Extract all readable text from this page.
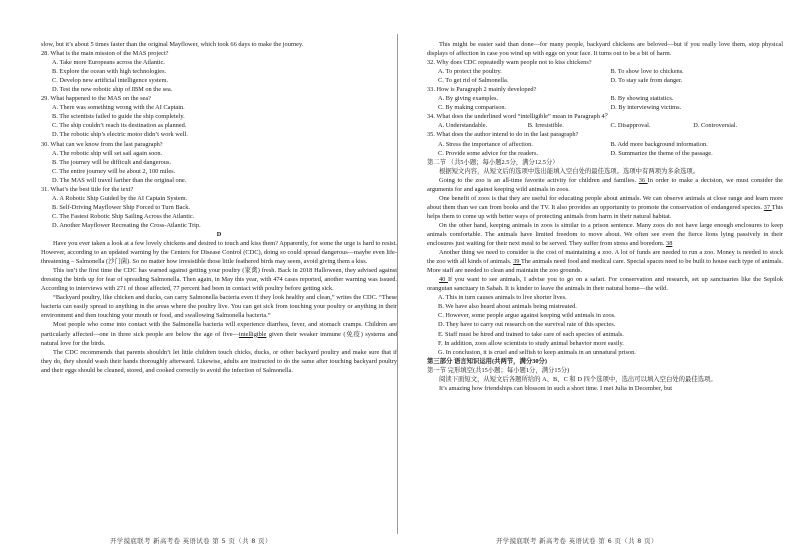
slow, but it’s about 5 times faster than the original Mayflower, which took 66 days to make the journey.

28. What is the main mission of the MAS project?

A. Take more Europeans across the Atlantic.

B. Explore the ocean with high technologies.

C. Develop new artificial intelligence system.

D. Test the new robotic ship of IBM on the sea.

29. What happened to the MAS on the sea?

A. There was something wrong with the AI Captain.

B. The scientists failed to guide the ship completely.

C. The ship couldn’t reach its destination as planned.

D. The robotic ship’s electric motor didn’t work well.

30. What can we know from the last paragraph?

A. The robotic ship will set sail again soon.

B. The journey will be difficult and dangerous.

C. The entire journey will be about 2, 100 miles.

D. The MAS will travel farther than the original one.

31. What’s the best title for the text?

A. A Robotic Ship Guided by the AI Captain System.

B. Self-Driving Mayflower Ship Forced to Turn Back.

C. The Fastest Robotic Ship Sailing Across the Atlantic.

D. Another Mayflower Recreating the Cross-Atlantic Trip.

D

Have you ever taken a look at a few lovely chickens and desired to touch and kiss them? Apparently, for some the urge is hard to resist. However, according to an updated warning by the Centers for Disease Control (CDC), doing so could spread dangerous—maybe even life-threatening – Salmonella (沙门菌). So no matter how irresistible those little feathered birds may seem, avoid giving them a kiss.

This isn’t the first time the CDC has warned against getting your poultry (家禽) fresh. Back in 2018 Halloween, they advised against dressing the birds up for fear of spreading Salmonella. Then again, in May this year, with 474 cases reported, another warning was issued. According to interviews with 271 of those affected, 77 percent had been in contact with poultry before getting sick.

“Backyard poultry, like chicken and ducks, can carry Salmonella bacteria even if they look healthy and clean,” writes the CDC. “These bacteria can easily spread to anything in the areas where the poultry live. You can get sick from touching your poultry or anything in their environment and then touching your mouth or food, and swallowing Salmonella bacteria.”

Most people who come into contact with the Salmonella bacteria will experience diarrhea, fever, and stomach cramps. Children are particularly affected—one in three sick people are below the age of five—intelligible given their weaker immune (免疫) systems and natural love for the birds.

The CDC recommends that parents shouldn’t let little children touch chicks, ducks, or other backyard poultry and make sure that if they do, they should wash their hands thoroughly afterward. Likewise, adults are instructed to do the same after touching backyard poultry and their eggs should be cleaned, stored, and cooked correctly to avoid the infection of Salmonella.

This might be easier said than done—for many people, backyard chickens are beloved—but if you really love them, stop physical displays of affection in case you wind up with eggs on your face. It turns out to be a bit of harm.

32. Why does CDC repeatedly warn people not to kiss chickens?

A. To protect the poultry.	B. To show love to chickens.
C. To get rid of Salmonella.	D. To stay safe from danger.

33. How is Paragraph 2 mainly developed?

A. By giving examples.	B. By showing statistics.
C. By making comparison.	D. By interviewing victims.

34. What does the underlined word “intelligible” mean in Paragraph 4？

A. Understandable.	B. Irresistible.	C. Disapproval.	D. Controversial.

35. What does the author intend to do in the last paragraph?

A. Stress the importance of affection.	B. Add more background information.
C. Provide some advice for the readers.	D. Summarize the theme of the passage.

第二节 （共5小题；每小题2.5分，满分12.5分）

根据短文内容，从短文后的选项中选出能填入空白处的最佳选项。选项中有两项为多余选项。

Going to the zoo is an all-time favorite activity for children and families. 36 In order to make a decision, we must consider the arguments for and against keeping wild animals in zoos.

One benefit of zoos is that they are useful for educating people about animals. We can observe animals at close range and learn more about them than we can from books and the TV. It also provides an opportunity to promote the conservation of endangered species. 37 This helps them to come up with better ways of protecting animals from harm in their natural habitat.

On the other hand, keeping animals in zoos is similar to a prison sentence. Many zoos do not have large enough enclosures to keep animals comfortable. The animals have limited freedom to move about. We often see even the fierce lions lying passively in their enclosures just waiting for their next meal to be served. They suffer from stress and boredom. 38

Another thing we need to consider is the cost of maintaining a zoo. A lot of funds are needed to run a zoo. Money is needed to stock the zoo with all kinds of animals. 39 The animals need food and medical care. Special spaces need to be built to house each type of animals. More staff are needed to clean and maintain the zoo grounds.

40 If you want to see animals, I advise you to go on a safari. For conservation and research, set up sanctuaries like the Sepilok orangutan sanctuary in Sabah. It is kinder to leave the animals in their natural home—the wild.

A. This in turn causes animals to live shorter lives.

B. We have also heard about animals being mistreated.

C. However, some people argue against keeping wild animals in zoos.

D. They have to carry out research on the survival rate of this species.

E. Staff must be hired and trained to take care of each species of animals.

F. In addition, zoos allow scientists to study animal behavior more easily.

G. In conclusion, it is cruel and selfish to keep animals in an unnatural prison.

第三部分 语言知识运用(共两节，满分30分)

第一节 完形填空(共15小题；每小题1分，满分15分)

阅读下面短文，从短文后各题所给的 A、B、C 和 D 四个选项中，选出可以填入空白处的最佳选项。

It’s amazing how friendships can blossom in such a short time. I met Julia in December, but

开学摸底联考 新高考卷 英语试卷 第 5 页（共 8 页）	开学摸底联考 新高考卷 英语试卷 第 6 页（共 8 页）
